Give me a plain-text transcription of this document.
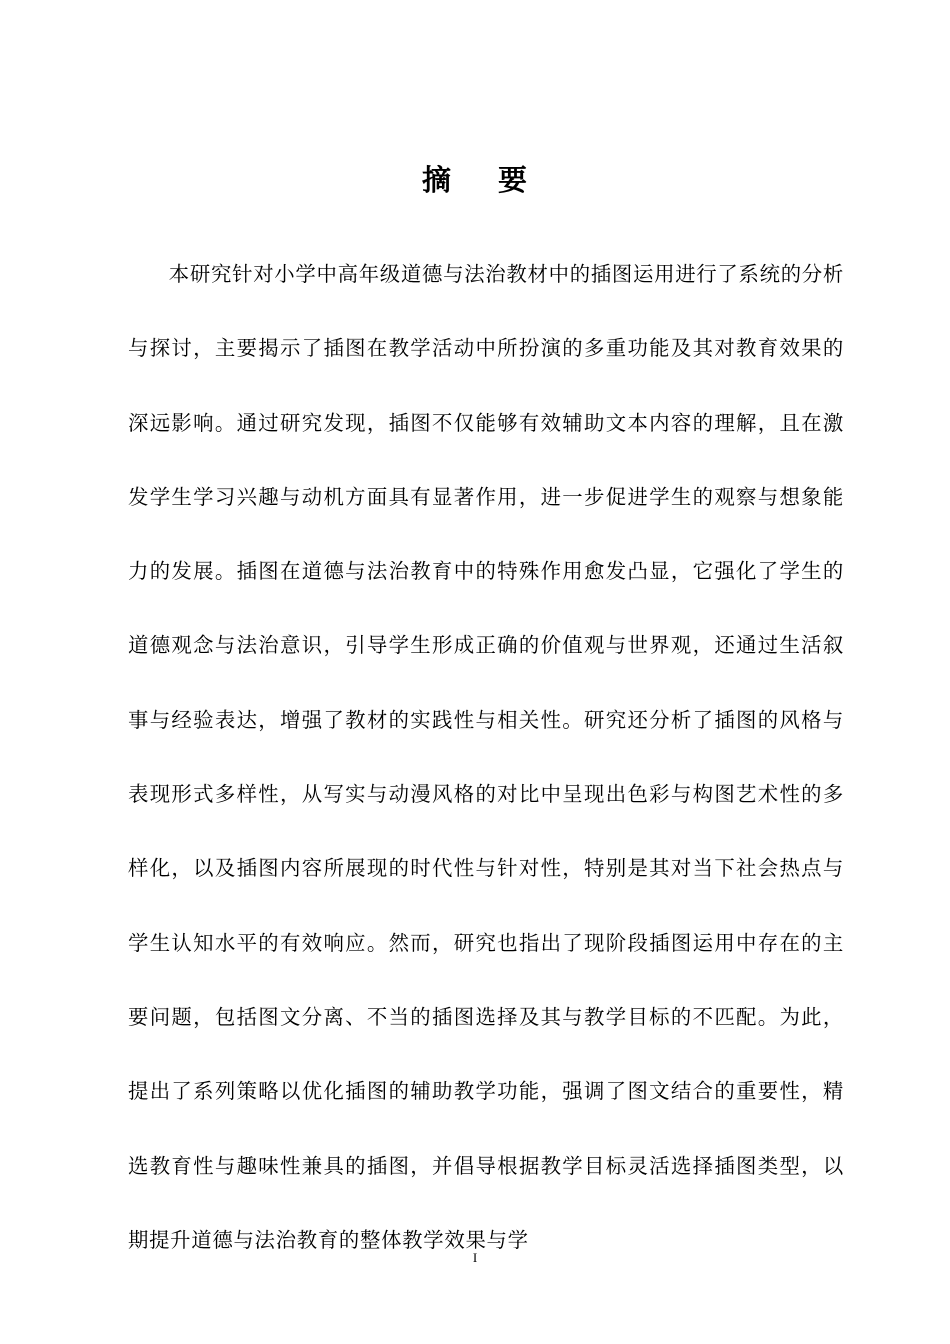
摘 要

本研究针对小学中高年级道德与法治教材中的插图运用进行了系统的分析与探讨，主要揭示了插图在教学活动中所扮演的多重功能及其对教育效果的深远影响。通过研究发现，插图不仅能够有效辅助文本内容的理解，且在激发学生学习兴趣与动机方面具有显著作用，进一步促进学生的观察与想象能力的发展。插图在道德与法治教育中的特殊作用愈发凸显，它强化了学生的道德观念与法治意识，引导学生形成正确的价值观与世界观，还通过生活叙事与经验表达，增强了教材的实践性与相关性。研究还分析了插图的风格与表现形式多样性，从写实与动漫风格的对比中呈现出色彩与构图艺术性的多样化，以及插图内容所展现的时代性与针对性，特别是其对当下社会热点与学生认知水平的有效响应。然而，研究也指出了现阶段插图运用中存在的主要问题，包括图文分离、不当的插图选择及其与教学目标的不匹配。为此，提出了系列策略以优化插图的辅助教学功能，强调了图文结合的重要性，精选教育性与趣味性兼具的插图，并倡导根据教学目标灵活选择插图类型，以期提升道德与法治教育的整体教学效果与学

I
